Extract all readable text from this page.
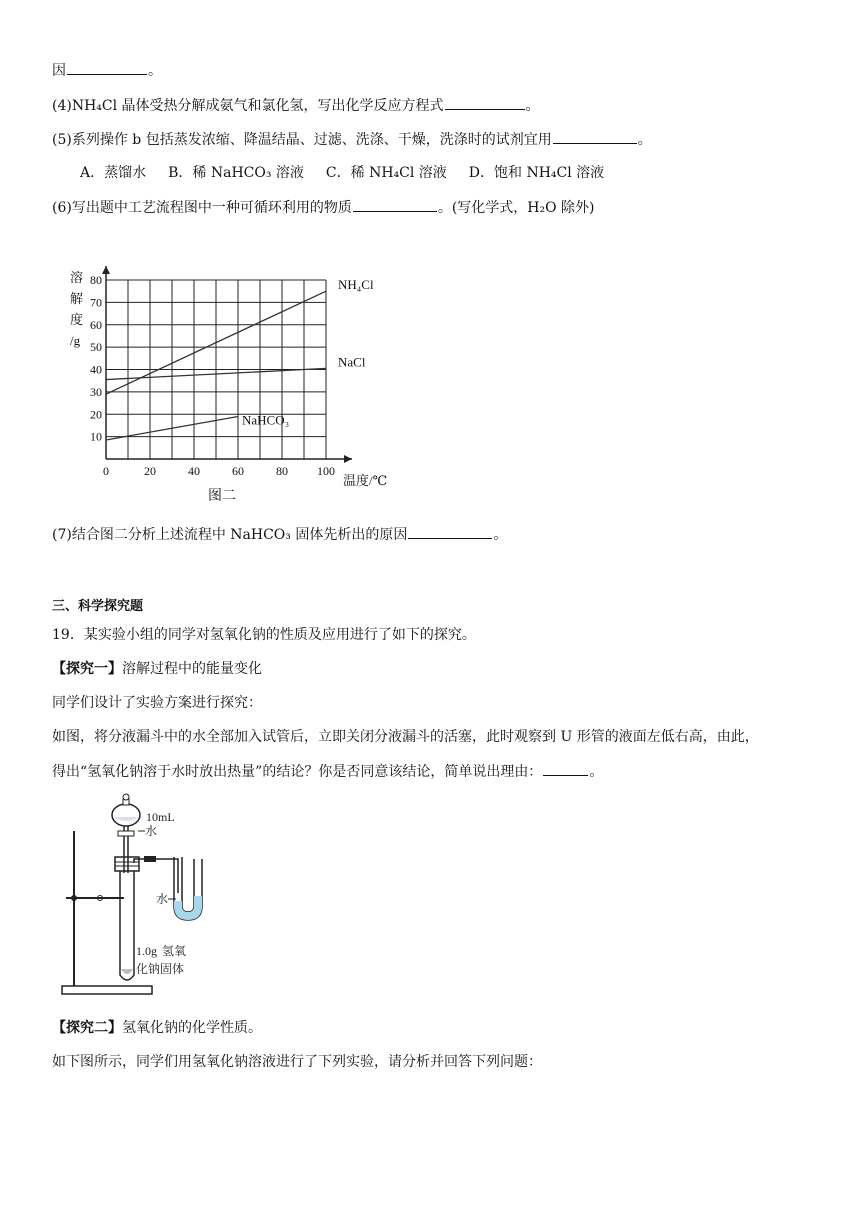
因	。
(4)NH₄Cl 晶体受热分解成氨气和氯化氢，写出化学反应方程式	。
(5)系列操作 b 包括蒸发浓缩、降温结晶、过滤、洗涤、干燥，洗涤时的试剂宜用	。
A．蒸馏水 B．稀 NaHCO₃ 溶液 C．稀 NH₄Cl 溶液 D．饱和 NH₄Cl 溶液
(6)写出题中工艺流程图中一种可循环利用的物质	。(写化学式，H₂O 除外)
NH₄Cl
NaCl
NaHCO₃
0	20	40	60	80 100
10
20
30
40
50
60
70
80
温度/℃
溶
解
度
/g
图二
(7)结合图二分析上述流程中 NaHCO₃ 固体先析出的原因	。
三、科学探究题
19．某实验小组的同学对氢氧化钠的性质及应用进行了如下的探究。
【探究一】溶解过程中的能量变化
同学们设计了实验方案进行探究：
如图，将分液漏斗中的水全部加入试管后，立即关闭分液漏斗的活塞，此时观察到 U 形管的液面左低右高，由此，
得出“氢氧化钠溶于水时放出热量”的结论？你是否同意该结论，简单说出理由：	。
10mL
水
水
1.0g 氢氧
化钠固体
【探究二】氢氧化钠的化学性质。
如下图所示，同学们用氢氧化钠溶液进行了下列实验，请分析并回答下列问题：
